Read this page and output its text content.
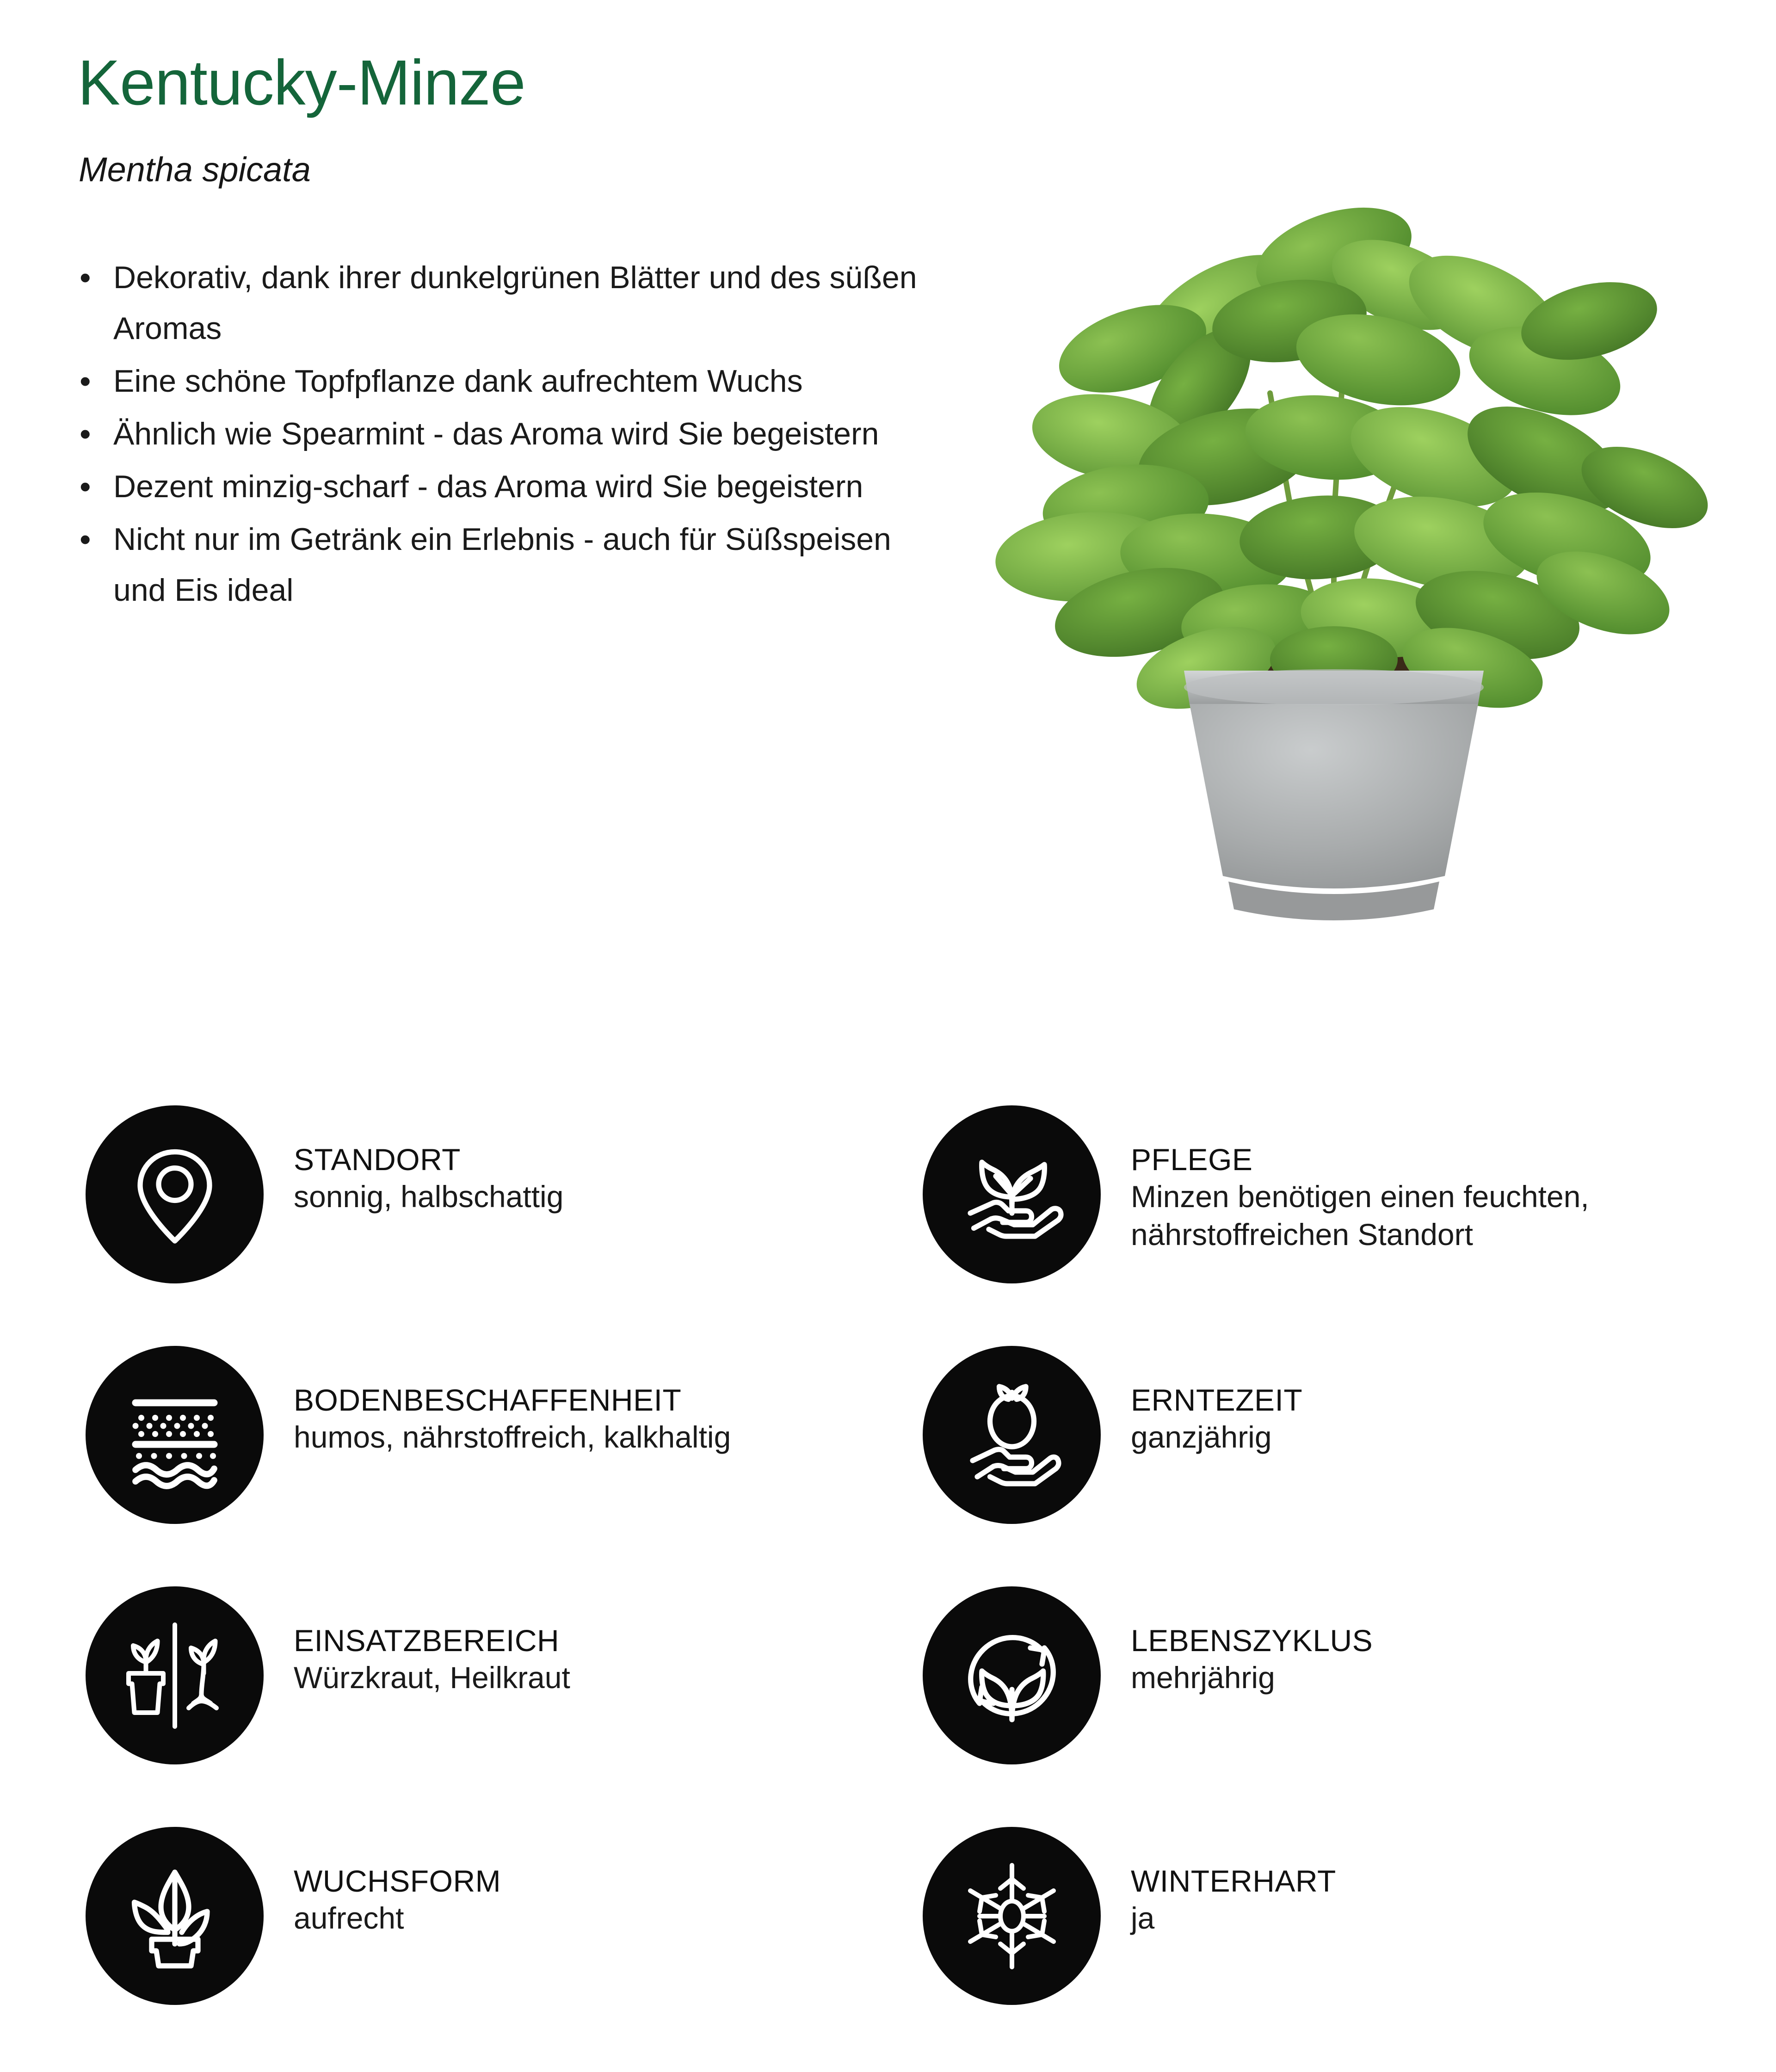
Kentucky-Minze
Mentha spicata
• Dekorativ, dank ihrer dunkelgrünen Blätter und des süßen Aromas
• Eine schöne Topfpflanze dank aufrechtem Wuchs
• Ähnlich wie Spearmint - das Aroma wird Sie begeistern
• Dezent minzig-scharf - das Aroma wird Sie begeistern
• Nicht nur im Getränk ein Erlebnis - auch für Süßspeisen und Eis ideal
STANDORT
sonnig, halbschattig
PFLEGE
Minzen benötigen einen feuchten,
nährstoffreichen Standort
BODENBESCHAFFENHEIT
humos, nährstoffreich, kalkhaltig
ERNTEZEIT
ganzjährig
EINSATZBEREICH
Würzkraut, Heilkraut
LEBENSZYKLUS
mehrjährig
WUCHSFORM
aufrecht
WINTERHART
ja
